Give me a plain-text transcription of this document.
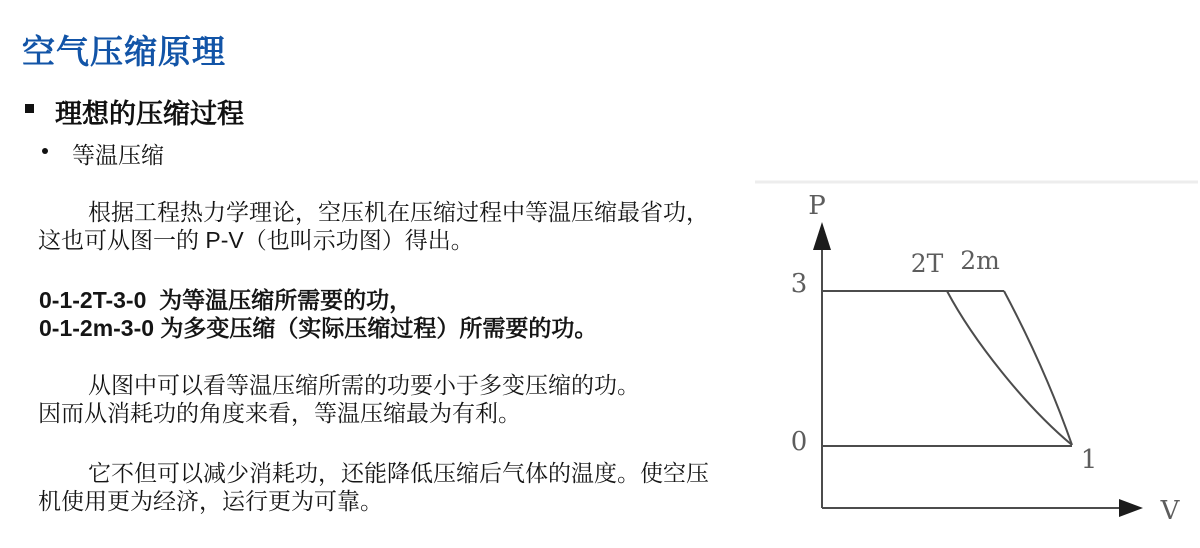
空气压缩原理
理想的压缩过程
等温压缩
根据工程热力学理论，空压机在压缩过程中等温压缩最省功，
这也可从图一的 P-V（也叫示功图）得出。
0-1-2T-3-0  为等温压缩所需要的功，
0-1-2m-3-0 为多变压缩（实际压缩过程）所需要的功。
从图中可以看等温压缩所需的功要小于多变压缩的功。
因而从消耗功的角度来看，等温压缩最为有利。
它不但可以减少消耗功，还能降低压缩后气体的温度。使空压
机使用更为经济，运行更为可靠。
P
V
3
0
1
2T 2m
